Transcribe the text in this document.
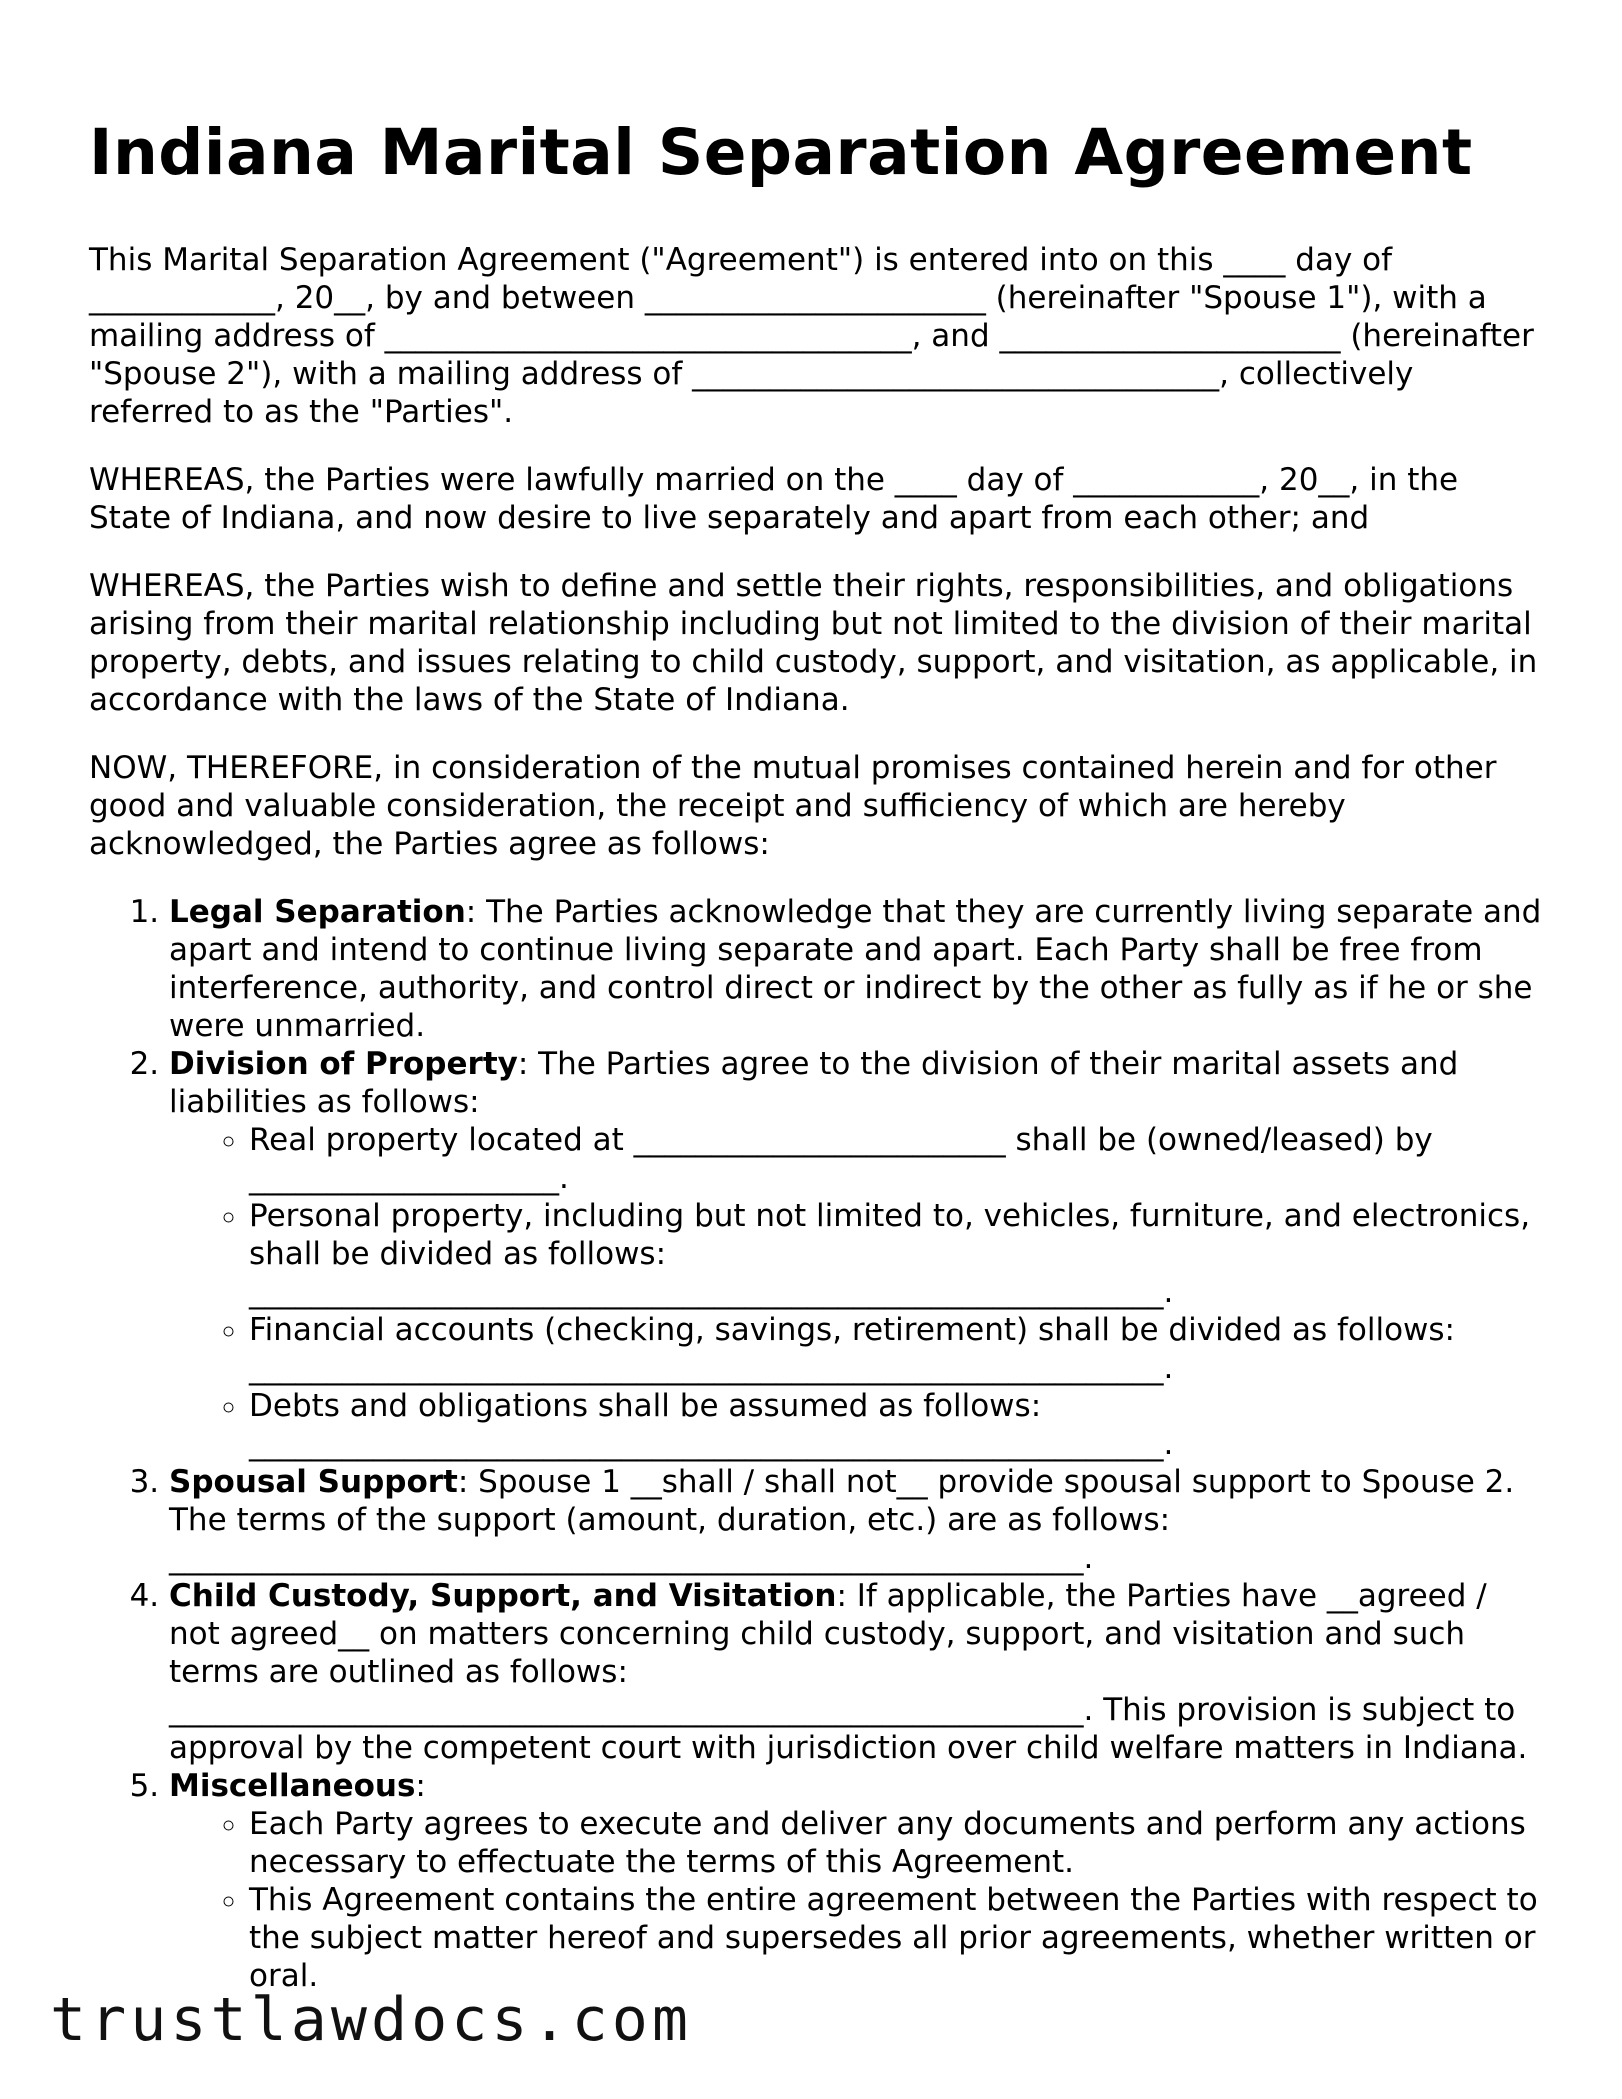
Indiana Marital Separation Agreement

This Marital Separation Agreement ("Agreement") is entered into on this ____ day of ____________, 20__, by and between ______________________ (hereinafter "Spouse 1"), with a mailing address of __________________________________, and ______________________ (hereinafter "Spouse 2"), with a mailing address of __________________________________, collectively referred to as the "Parties".

WHEREAS, the Parties were lawfully married on the ____ day of ____________, 20__, in the State of Indiana, and now desire to live separately and apart from each other; and

WHEREAS, the Parties wish to define and settle their rights, responsibilities, and obligations arising from their marital relationship including but not limited to the division of their marital property, debts, and issues relating to child custody, support, and visitation, as applicable, in accordance with the laws of the State of Indiana.

NOW, THEREFORE, in consideration of the mutual promises contained herein and for other good and valuable consideration, the receipt and sufficiency of which are hereby acknowledged, the Parties agree as follows:

1. Legal Separation: The Parties acknowledge that they are currently living separate and apart and intend to continue living separate and apart. Each Party shall be free from interference, authority, and control direct or indirect by the other as fully as if he or she were unmarried.
2. Division of Property: The Parties agree to the division of their marital assets and liabilities as follows:
◦ Real property located at ________________________ shall be (owned/leased) by ____________________.
◦ Personal property, including but not limited to, vehicles, furniture, and electronics, shall be divided as follows: ___________________________________________________________.
◦ Financial accounts (checking, savings, retirement) shall be divided as follows: ___________________________________________________________.
◦ Debts and obligations shall be assumed as follows: ___________________________________________________________.
3. Spousal Support: Spouse 1 __shall / shall not__ provide spousal support to Spouse 2. The terms of the support (amount, duration, etc.) are as follows: ___________________________________________________________.
4. Child Custody, Support, and Visitation: If applicable, the Parties have __agreed / not agreed__ on matters concerning child custody, support, and visitation and such terms are outlined as follows: ___________________________________________________________. This provision is subject to approval by the competent court with jurisdiction over child welfare matters in Indiana.
5. Miscellaneous:
◦ Each Party agrees to execute and deliver any documents and perform any actions necessary to effectuate the terms of this Agreement.
◦ This Agreement contains the entire agreement between the Parties with respect to the subject matter hereof and supersedes all prior agreements, whether written or oral.
trustlawdocs.com
